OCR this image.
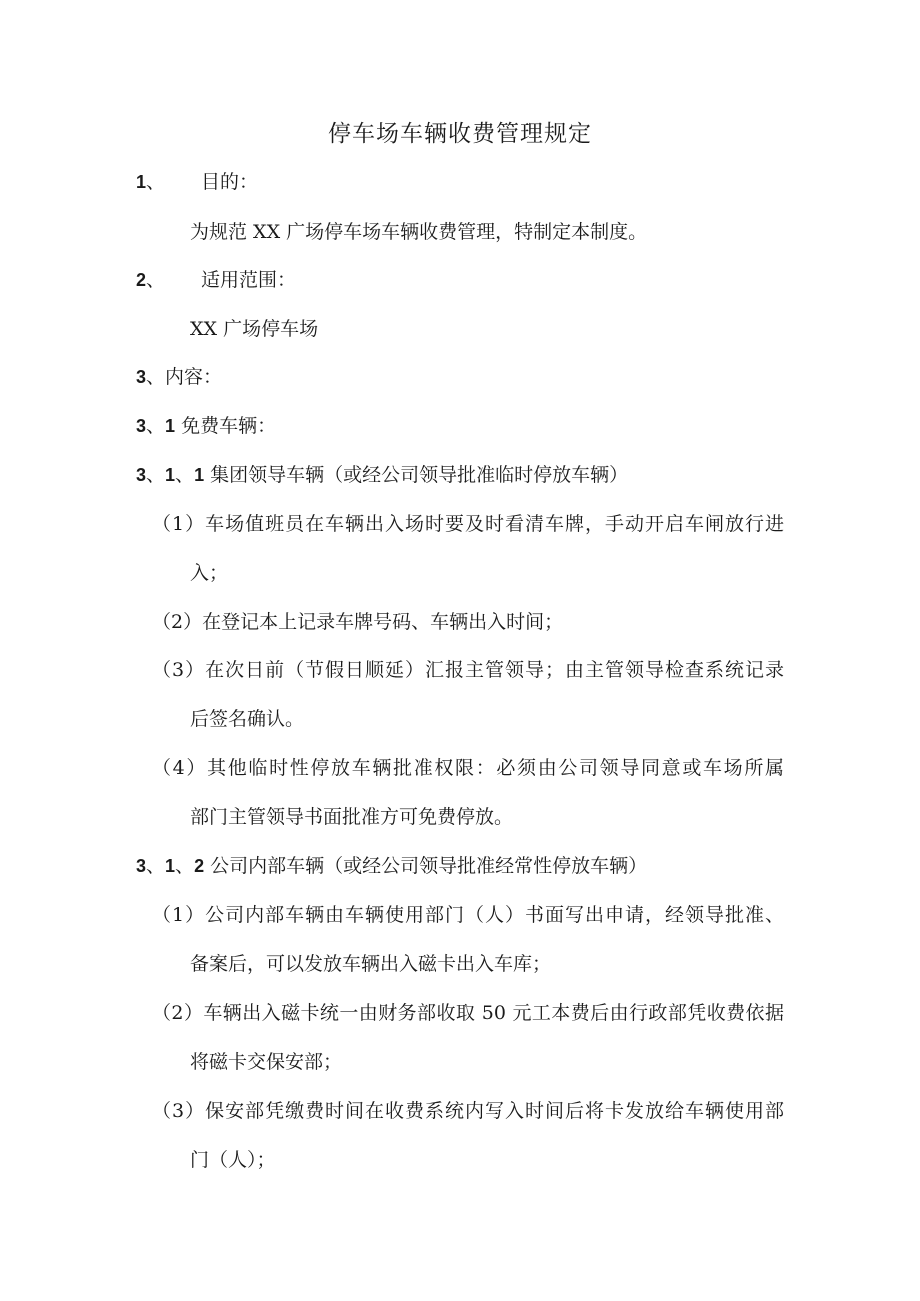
停车场车辆收费管理规定
1、 目的：
为规范 XX 广场停车场车辆收费管理，特制定本制度。
2、 适用范围：
XX 广场停车场
3、内容：
3、1 免费车辆：
3、1、1 集团领导车辆（或经公司领导批准临时停放车辆）
（1）车场值班员在车辆出入场时要及时看清车牌，手动开启车闸放行进
入；
（2）在登记本上记录车牌号码、车辆出入时间；
（3）在次日前（节假日顺延）汇报主管领导；由主管领导检查系统记录
后签名确认。
（4）其他临时性停放车辆批准权限：必须由公司领导同意或车场所属
部门主管领导书面批准方可免费停放。
3、1、2 公司内部车辆（或经公司领导批准经常性停放车辆）
（1）公司内部车辆由车辆使用部门（人）书面写出申请，经领导批准、
备案后，可以发放车辆出入磁卡出入车库；
（2）车辆出入磁卡统一由财务部收取 50 元工本费后由行政部凭收费依据
将磁卡交保安部；
（3）保安部凭缴费时间在收费系统内写入时间后将卡发放给车辆使用部
门（人）；
